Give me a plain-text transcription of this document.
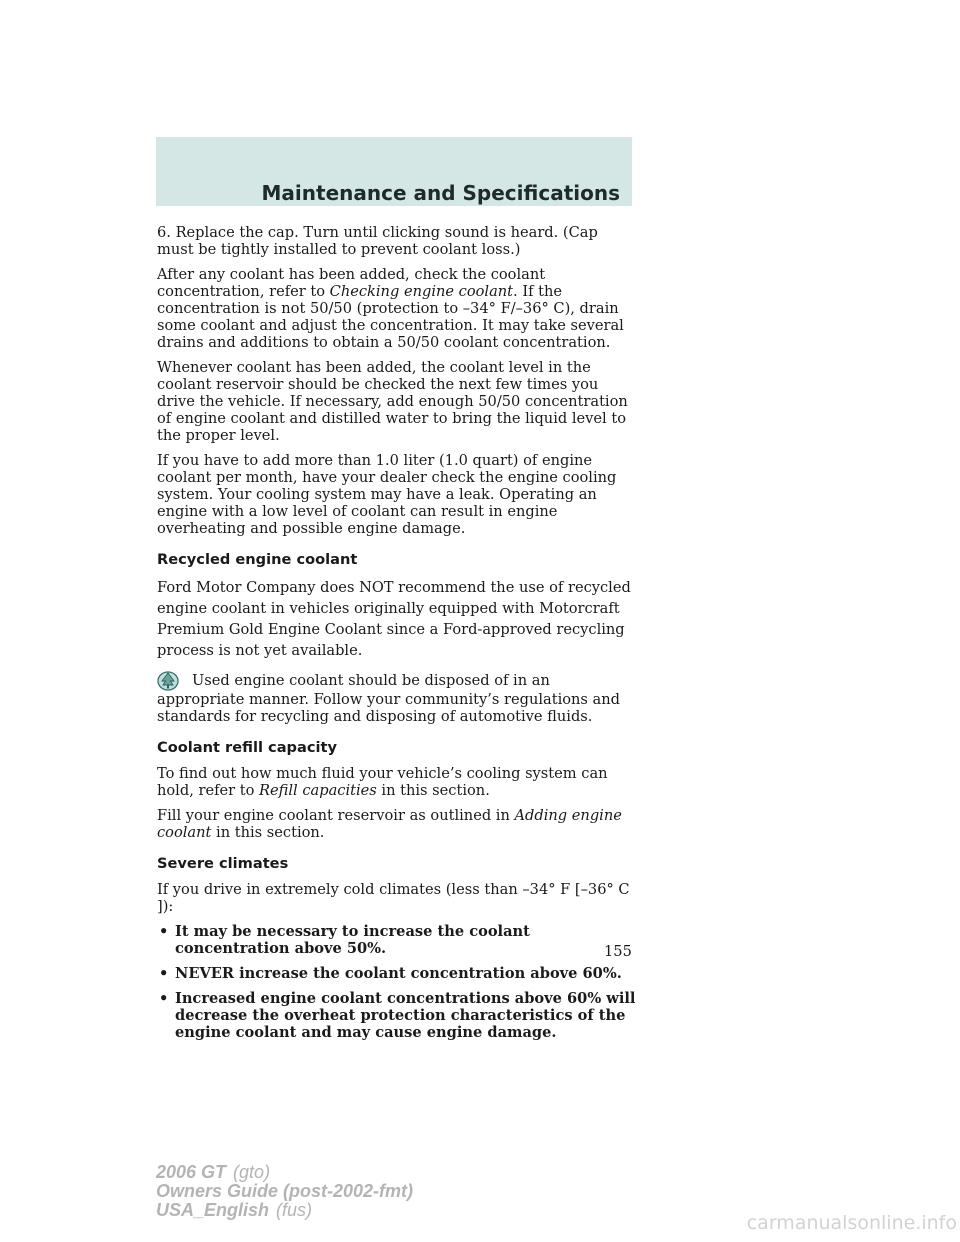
Maintenance and Specifications

6. Replace the cap. Turn until clicking sound is heard. (Cap must be tightly installed to prevent coolant loss.)

After any coolant has been added, check the coolant concentration, refer to Checking engine coolant. If the concentration is not 50/50 (protection to –34° F/–36° C), drain some coolant and adjust the concentration. It may take several drains and additions to obtain a 50/50 coolant concentration.

Whenever coolant has been added, the coolant level in the coolant reservoir should be checked the next few times you drive the vehicle. If necessary, add enough 50/50 concentration of engine coolant and distilled water to bring the liquid level to the proper level.

If you have to add more than 1.0 liter (1.0 quart) of engine coolant per month, have your dealer check the engine cooling system. Your cooling system may have a leak. Operating an engine with a low level of coolant can result in engine overheating and possible engine damage.

Recycled engine coolant

Ford Motor Company does NOT recommend the use of recycled engine coolant in vehicles originally equipped with Motorcraft Premium Gold Engine Coolant since a Ford-approved recycling process is not yet available.

Used engine coolant should be disposed of in an appropriate manner. Follow your community’s regulations and standards for recycling and disposing of automotive fluids.

Coolant refill capacity

To find out how much fluid your vehicle’s cooling system can hold, refer to Refill capacities in this section.

Fill your engine coolant reservoir as outlined in Adding engine coolant in this section.

Severe climates

If you drive in extremely cold climates (less than –34° F [–36° C ]):

• It may be necessary to increase the coolant concentration above 50%.
• NEVER increase the coolant concentration above 60%.
• Increased engine coolant concentrations above 60% will decrease the overheat protection characteristics of the engine coolant and may cause engine damage.
155
2006 GT (gto)
Owners Guide (post-2002-fmt)
USA_English (fus)
carmanualsonline.info
